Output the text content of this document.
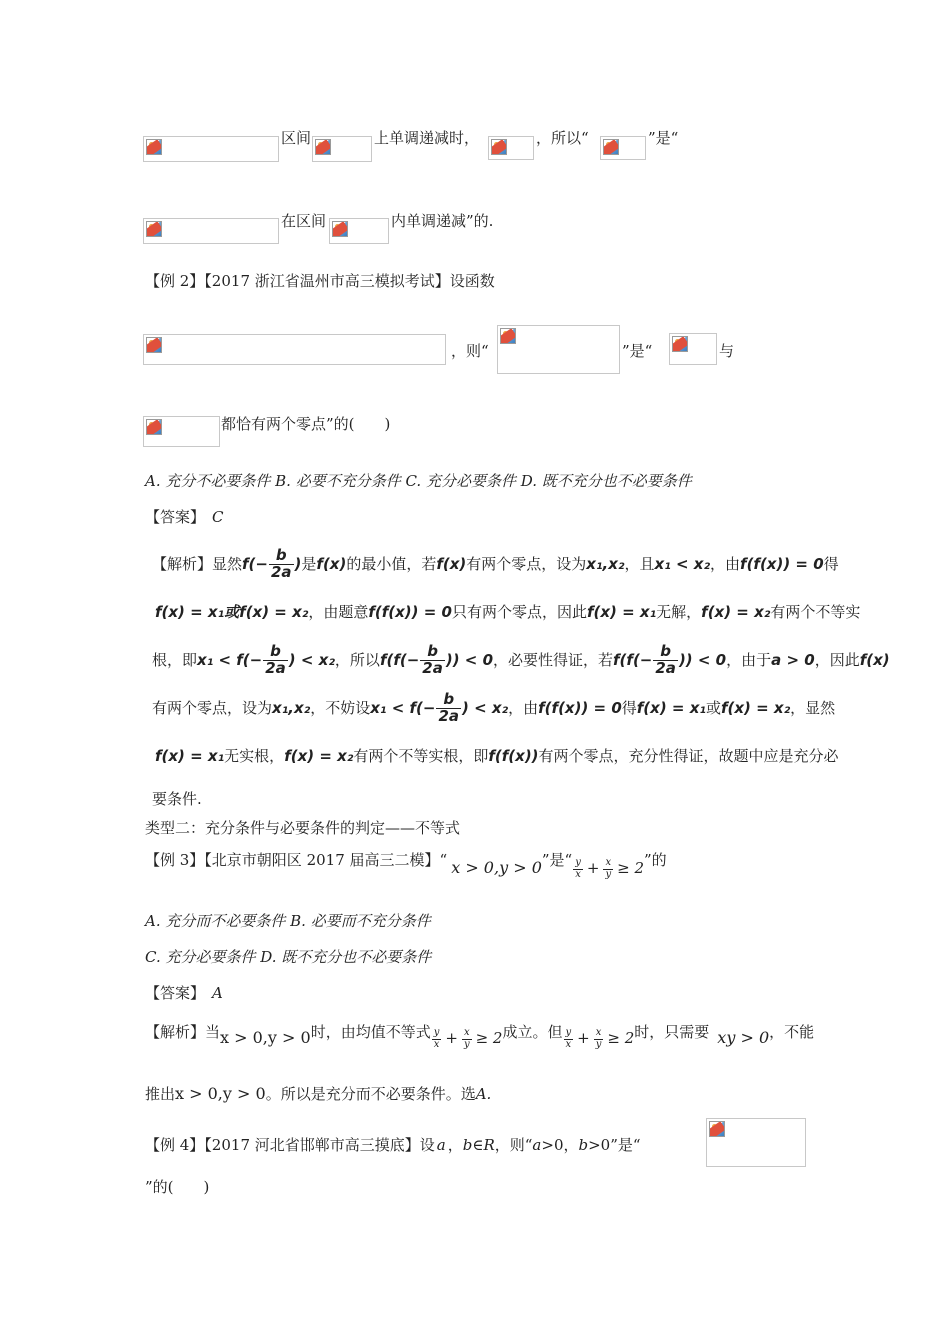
区间	上单调递减时，	，所以“	”是“
在区间	内单调递减”的.
【例 2】【2017 浙江省温州市高三模拟考试】设函数
，则“	”是“	与
都恰有两个零点”的(　　)
A. 充分不必要条件 B. 必要不充分条件 C. 充分必要条件 D. 既不充分也不必要条件
【答案】 C
【解析】显然$f(- \frac{b}{2a}$ )是f(x)的最小值，若f(x)有两个零点，设为x₁,x₂，且x₁ < x₂，由f(f(x)) = 0得
f(x) = x₁或f(x) = x₂，由题意f(f(x)) = 0只有两个零点，因此f(x) = x₁无解，f(x) = x₂有两个不等实
根，即$x_1 < f(- \frac{b}{2a}$ ) < x₂，所以$f(f(- \frac{b}{2a}$ )) < 0，必要性得证，若$f(f(- \frac{b}{2a}$ )) < 0，由于a > 0，因此f(x)
有两个零点，设为x₁,x₂，不妨设$x_1 < f(- \frac{b}{2a}$ ) < x₂，由f(f(x)) = 0得f(x) = x₁或f(x) = x₂，显然
f(x) = x₁无实根，f(x) = x₂有两个不等实根，即f(f(x))有两个零点，充分性得证，故题中应是充分必
要条件.
类型二：充分条件与必要条件的判定——不等式
【例 3】【北京市朝阳区 2017 届高三二模】“ x > 0,y > 0”是“ $\frac{y}{x} + \frac{x}{y} \ge 2$”的
A. 充分而不必要条件 B. 必要而不充分条件
C. 充分必要条件 D. 既不充分也不必要条件
【答案】 A
【解析】当x > 0,y > 0时，由均值不等式 $\frac{y}{x} + \frac{x}{y} \ge 2$成立。但 $\frac{y}{x} + \frac{x}{y} \ge 2$时，只需要 xy > 0，不能
推出x > 0,y > 0。所以是充分而不必要条件。选A.
【例 4】【2017 河北省邯郸市高三摸底】设 a ，b∈R，则“a>0，b>0”是“
”的(　　)
